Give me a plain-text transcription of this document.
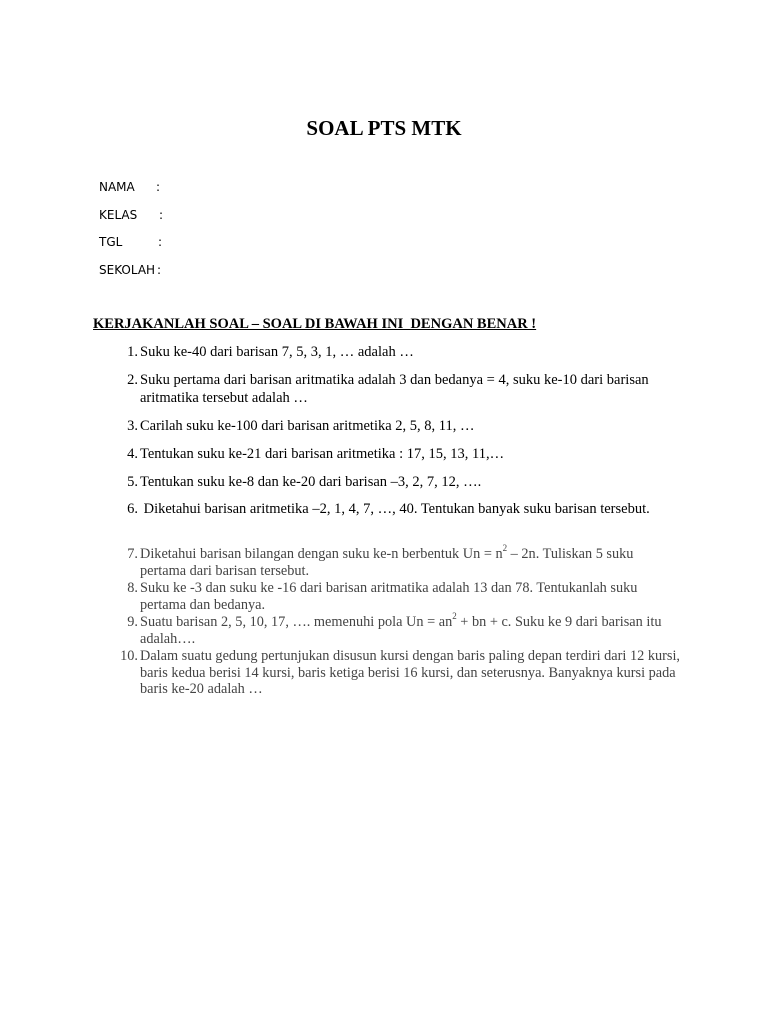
SOAL PTS MTK
NAMA :
KELAS :
TGL	:
SEKOLAH :
KERJAKANLAH SOAL – SOAL DI BAWAH INI  DENGAN BENAR !
1. Suku ke-40 dari barisan 7, 5, 3, 1, … adalah …
2. Suku pertama dari barisan aritmatika adalah 3 dan bedanya = 4, suku ke-10 dari barisan aritmatika tersebut adalah …
3. Carilah suku ke-100 dari barisan aritmetika 2, 5, 8, 11, …
4. Tentukan suku ke-21 dari barisan aritmetika : 17, 15, 13, 11,…
5. Tentukan suku ke-8 dan ke-20 dari barisan –3, 2, 7, 12, ….
6. Diketahui barisan aritmetika –2, 1, 4, 7, …, 40. Tentukan banyak suku barisan tersebut.
7. Diketahui barisan bilangan dengan suku ke-n berbentuk $Un = n^2 - 2n$. Tuliskan 5 suku pertama dari barisan tersebut.
8. Suku ke -3 dan suku ke -16 dari barisan aritmatika adalah 13 dan 78. Tentukanlah suku pertama dan bedanya.
9. Suatu barisan 2, 5, 10, 17, …. memenuhi pola $Un = an^2$ + bn + c. Suku ke 9 dari barisan itu adalah….
10. Dalam suatu gedung pertunjukan disusun kursi dengan baris paling depan terdiri dari 12 kursi, baris kedua berisi 14 kursi, baris ketiga berisi 16 kursi, dan seterusnya. Banyaknya kursi pada baris ke-20 adalah …
